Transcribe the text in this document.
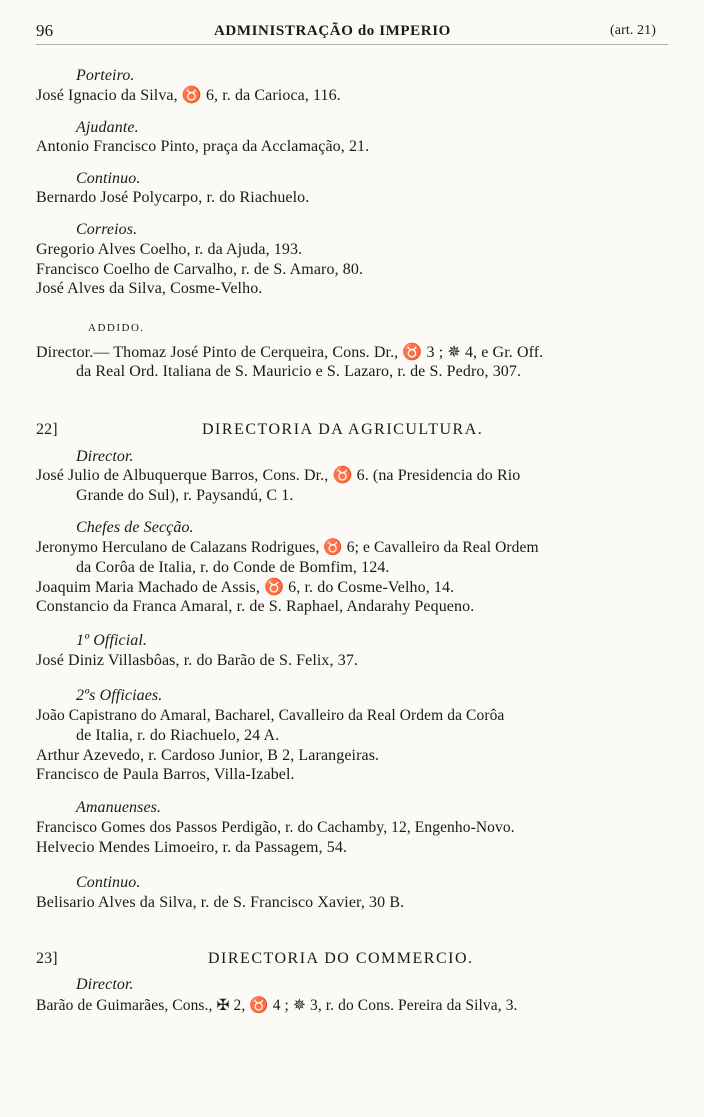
96	ADMINISTRAÇÃO do IMPERIO	(art. 21)
Porteiro.
José Ignacio da Silva, ♉ 6, r. da Carioca, 116.
Ajudante.
Antonio Francisco Pinto, praça da Acclamação, 21.
Continuo.
Bernardo José Polycarpo, r. do Riachuelo.
Correios.
Gregorio Alves Coelho, r. da Ajuda, 193.
Francisco Coelho de Carvalho, r. de S. Amaro, 80.
José Alves da Silva, Cosme-Velho.
ADDIDO.
Director.— Thomaz José Pinto de Cerqueira, Cons. Dr., ♉ 3 ; ✵ 4, e Gr. Off.
da Real Ord. Italiana de S. Mauricio e S. Lazaro, r. de S. Pedro, 307.
22]	DIRECTORIA DA AGRICULTURA.
Director.
José Julio de Albuquerque Barros, Cons. Dr., ♉ 6. (na Presidencia do Rio
Grande do Sul), r. Paysandú, C 1.
Chefes de Secção.
Jeronymo Herculano de Calazans Rodrigues, ♉ 6; e Cavalleiro da Real Ordem
da Corôa de Italia, r. do Conde de Bomfim, 124.
Joaquim Maria Machado de Assis, ♉ 6, r. do Cosme-Velho, 14.
Constancio da Franca Amaral, r. de S. Raphael, Andarahy Pequeno.
1º Official.
José Diniz Villasbôas, r. do Barão de S. Felix, 37.
2ºs Officiaes.
João Capistrano do Amaral, Bacharel, Cavalleiro da Real Ordem da Corôa
de Italia, r. do Riachuelo, 24 A.
Arthur Azevedo, r. Cardoso Junior, B 2, Larangeiras.
Francisco de Paula Barros, Villa-Izabel.
Amanuenses.
Francisco Gomes dos Passos Perdigão, r. do Cachamby, 12, Engenho-Novo.
Helvecio Mendes Limoeiro, r. da Passagem, 54.
Continuo.
Belisario Alves da Silva, r. de S. Francisco Xavier, 30 B.
23]	DIRECTORIA DO COMMERCIO.
Director.
Barão de Guimarães, Cons., ✠ 2, ♉ 4 ; ✵ 3, r. do Cons. Pereira da Silva, 3.
